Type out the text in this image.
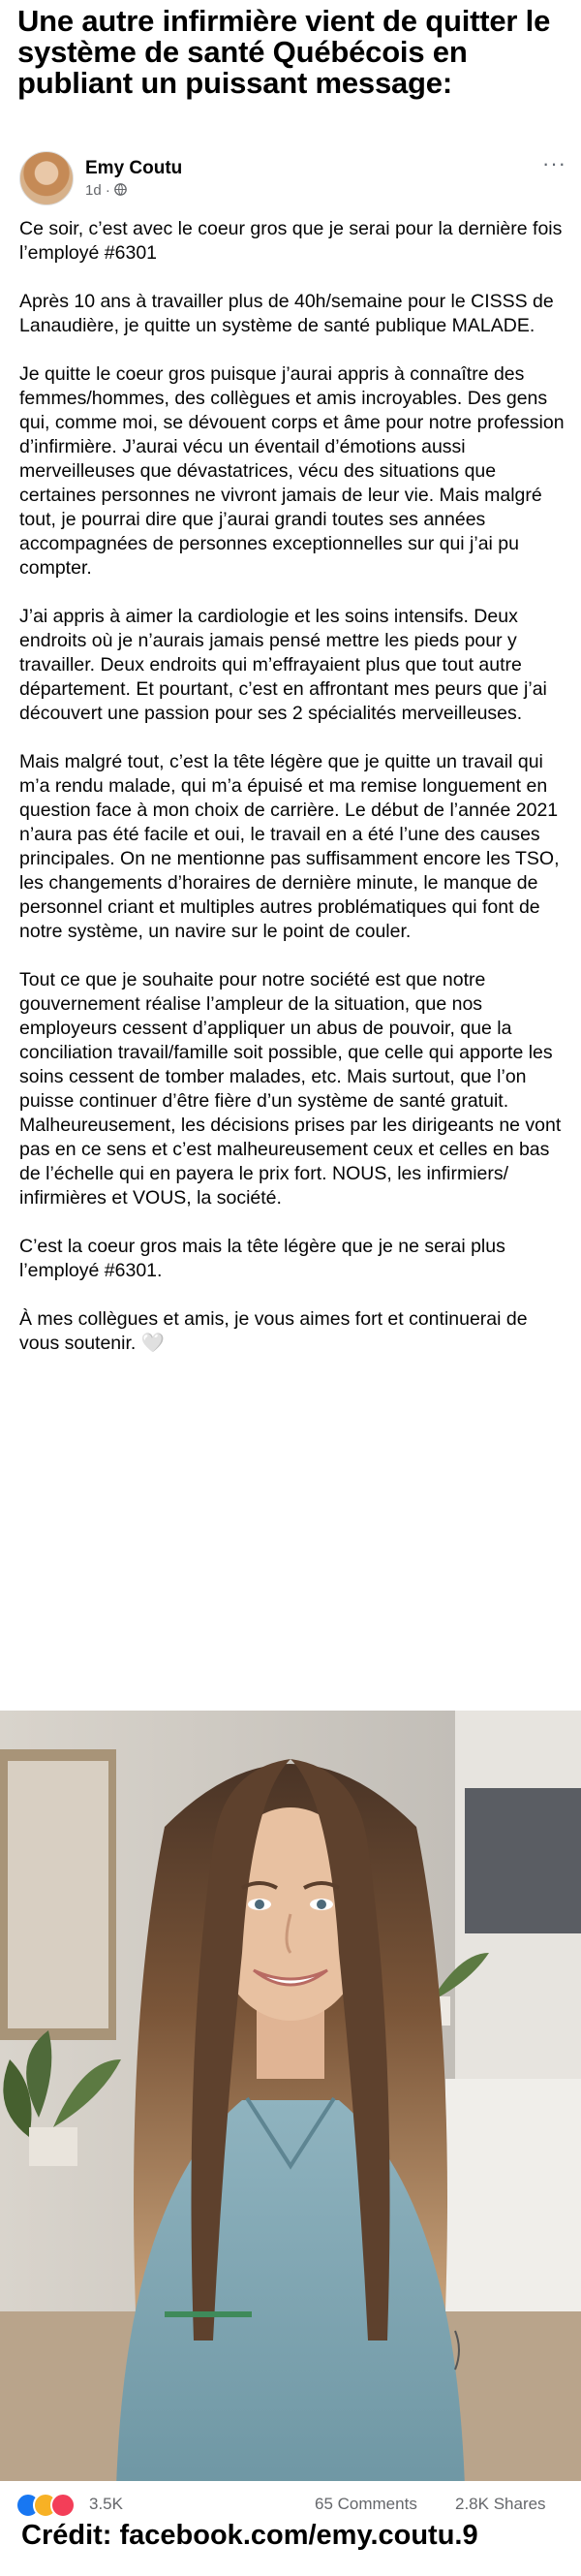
Une autre infirmière vient de quitter le système de santé Québécois en publiant un puissant message:
Emy Coutu
1d ·
···

Ce soir, c’est avec le coeur gros que je serai pour la dernière fois l’employé #6301

Après 10 ans à travailler plus de 40h/semaine pour le CISSS de Lanaudière, je quitte un système de santé publique MALADE.

Je quitte le coeur gros puisque j’aurai appris à connaître des femmes/hommes, des collègues et amis incroyables. Des gens qui, comme moi, se dévouent corps et âme pour notre profession d’infirmière. J’aurai vécu un éventail d’émotions aussi merveilleuses que dévastatrices, vécu des situations que certaines personnes ne vivront jamais de leur vie. Mais malgré tout, je pourrai dire que j’aurai grandi toutes ses années accompagnées de personnes exceptionnelles sur qui j’ai pu compter.

J’ai appris à aimer la cardiologie et les soins intensifs. Deux endroits où je n’aurais jamais pensé mettre les pieds pour y travailler. Deux endroits qui m’effrayaient plus que tout autre département. Et pourtant, c’est en affrontant mes peurs que j’ai découvert une passion pour ses 2 spécialités merveilleuses.

Mais malgré tout, c’est la tête légère que je quitte un travail qui m’a rendu malade, qui m’a épuisé et ma remise longuement en question face à mon choix de carrière. Le début de l’année 2021 n’aura pas été facile et oui, le travail en a été l’une des causes principales. On ne mentionne pas suffisamment encore les TSO, les changements d’horaires de dernière minute, le manque de personnel criant et multiples autres problématiques qui font de notre système, un navire sur le point de couler.

Tout ce que je souhaite pour notre société est que notre gouvernement réalise l’ampleur de la situation, que nos employeurs cessent d’appliquer un abus de pouvoir, que la conciliation travail/famille soit possible, que celle qui apporte les soins cessent de tomber malades, etc. Mais surtout, que l’on puisse continuer d’être fière d’un système de santé gratuit. Malheureusement, les décisions prises par les dirigeants ne vont pas en ce sens et c’est malheureusement ceux et celles en bas de l’échelle qui en payera le prix fort. NOUS, les infirmiers/ infirmières et VOUS, la société.

C’est la coeur gros mais la tête légère que je ne serai plus l’employé #6301.

À mes collègues et amis, je vous aimes fort et continuerai de vous soutenir. 🤍

3.5K	65 Comments 2.8K Shares
Crédit: facebook.com/emy.coutu.9
